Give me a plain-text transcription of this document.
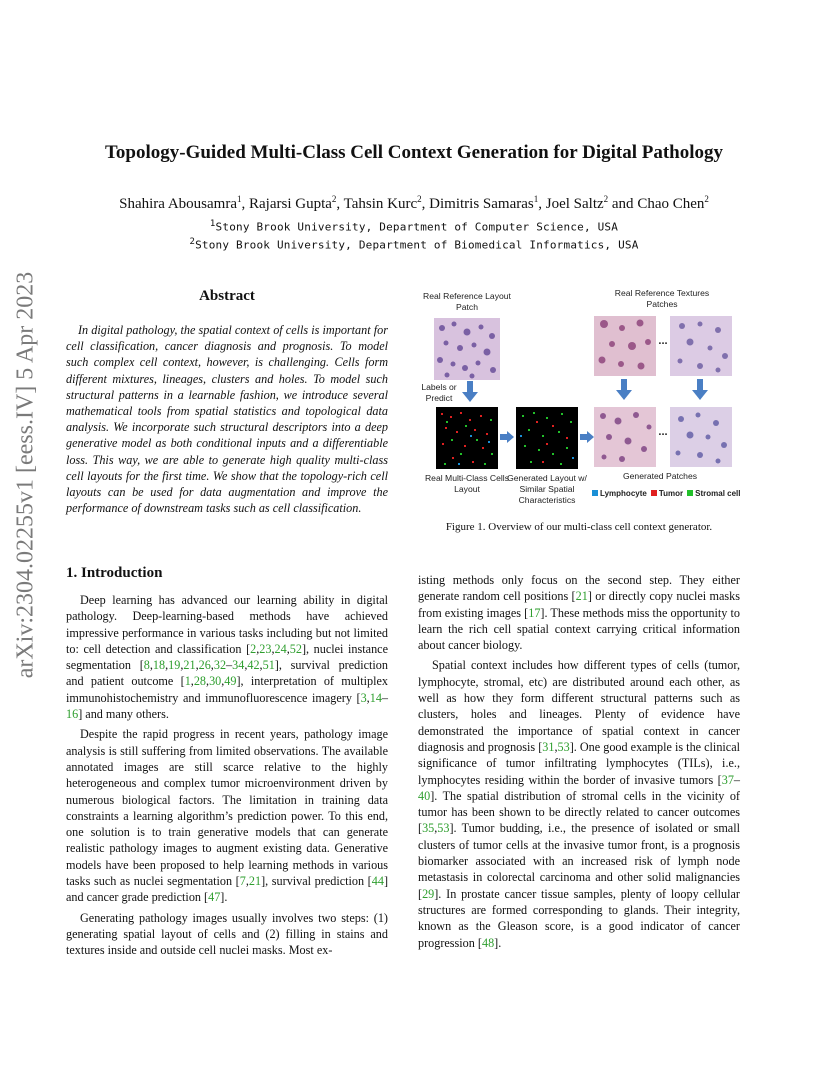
arXiv:2304.02255v1 [eess.IV] 5 Apr 2023
Topology-Guided Multi-Class Cell Context Generation for Digital Pathology
Shahira Abousamra$^1$, Rajarsi Gupta$^2$, Tahsin Kurc$^2$, Dimitris Samaras$^1$, Joel Saltz$^2$ and Chao Chen$^2$
$^1$Stony Brook University, Department of Computer Science, USA
$^2$Stony Brook University, Department of Biomedical Informatics, USA
Abstract
In digital pathology, the spatial context of cells is important for cell classification, cancer diagnosis and prognosis. To model such complex cell context, however, is challenging. Cells form different mixtures, lineages, clusters and holes. To model such structural patterns in a learnable fashion, we introduce several mathematical tools from spatial statistics and topological data analysis. We incorporate such structural descriptors into a deep generative model as both conditional inputs and a differentiable loss. This way, we are able to generate high quality multi-class cell layouts for the first time. We show that the topology-rich cell layouts can be used for data augmentation and improve the performance of downstream tasks such as cell classification.
Real Reference Layout Patch
Real Reference Textures Patches
...
Labels or Predict
...
Real Multi-Class Cells Layout
Generated Layout w/ Similar Spatial Characteristics
Generated Patches
Lymphocyte Tumor Stromal cell
Figure 1. Overview of our multi-class cell context generator.
1. Introduction

Deep learning has advanced our learning ability in digital pathology. Deep-learning-based methods have achieved impressive performance in various tasks including but not limited to: cell detection and classification [2,23,24,52], nuclei instance segmentation [8,18,19,21,26,32–34,42,51], survival prediction and patient outcome [1,28,30,49], interpretation of multiplex immunohistochemistry and immunofluorescence imagery [3,14–16] and many others.

Despite the rapid progress in recent years, pathology image analysis is still suffering from limited observations. The available annotated images are still scarce relative to the highly heterogeneous and complex tumor microenvironment driven by numerous biological factors. The limitation in training data constraints a learning algorithm’s prediction power. To this end, one solution is to train generative models that can generate realistic pathology images to augment existing data. Generative models have been proposed to help learning methods in various tasks such as nuclei segmentation [7,21], survival prediction [44] and cancer grade prediction [47].

Generating pathology images usually involves two steps: (1) generating spatial layout of cells and (2) filling in stains and textures inside and outside cell nuclei masks. Most ex-

isting methods only focus on the second step. They either generate random cell positions [21] or directly copy nuclei masks from existing images [17]. These methods miss the opportunity to learn the rich cell spatial context carrying critical information about cancer biology.

Spatial context includes how different types of cells (tumor, lymphocyte, stromal, etc) are distributed around each other, as well as how they form different structural patterns such as clusters, holes and lineages. Plenty of evidence have demonstrated the importance of spatial context in cancer diagnosis and prognosis [31,53]. One good example is the clinical significance of tumor infiltrating lymphocytes (TILs), i.e., lymphocytes residing within the border of invasive tumors [37–40]. The spatial distribution of stromal cells in the vicinity of tumor has been shown to be directly related to cancer outcomes [35,53]. Tumor budding, i.e., the presence of isolated or small clusters of tumor cells at the invasive tumor front, is a prognosis biomarker associated with an increased risk of lymph node metastasis in colorectal carcinoma and other solid malignancies [29]. In prostate cancer tissue samples, plenty of loopy cellular structures are formed corresponding to glands. Their integrity, known as the Gleason score, is a good indicator of cancer progression [48].
